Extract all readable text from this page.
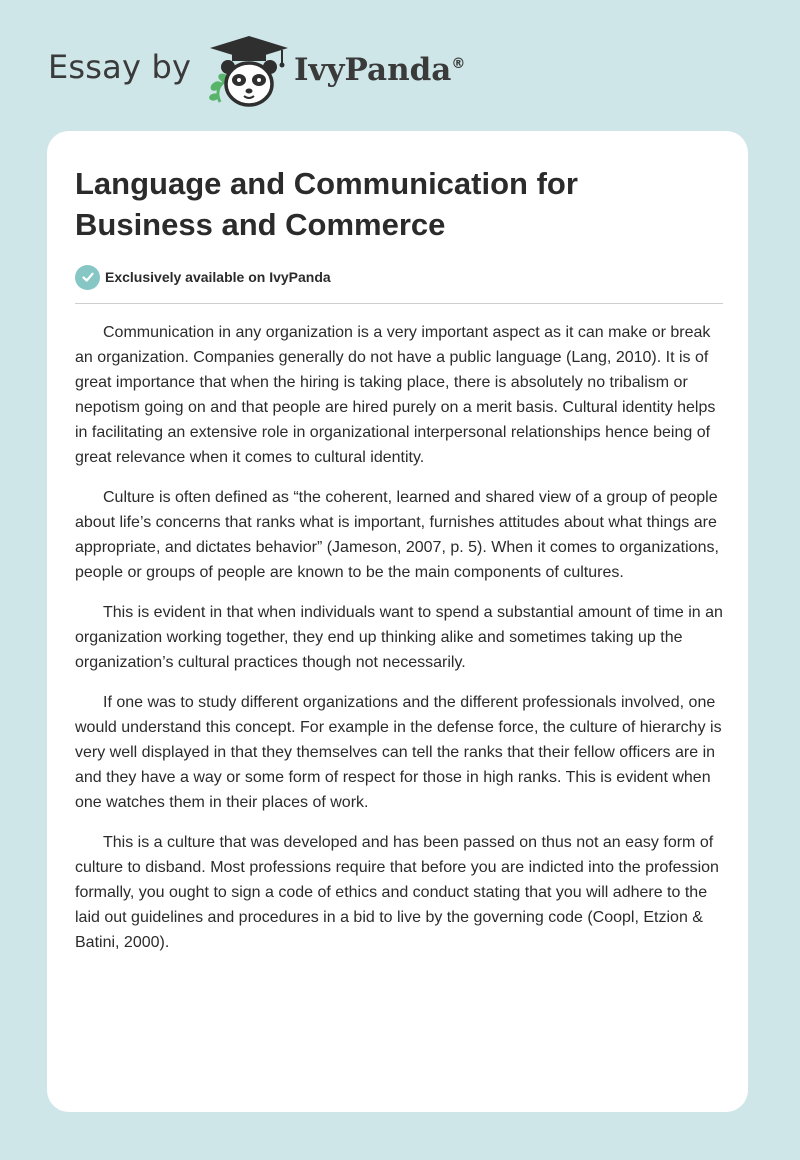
Essay by	IvyPanda®
Language and Communication for Business and Commerce
Exclusively available on IvyPanda

Communication in any organization is a very important aspect as it can make or break an organization. Companies generally do not have a public language (Lang, 2010). It is of great importance that when the hiring is taking place, there is absolutely no tribalism or nepotism going on and that people are hired purely on a merit basis. Cultural identity helps in facilitating an extensive role in organizational interpersonal relationships hence being of great relevance when it comes to cultural identity.

Culture is often defined as “the coherent, learned and shared view of a group of people about life’s concerns that ranks what is important, furnishes attitudes about what things are appropriate, and dictates behavior” (Jameson, 2007, p. 5). When it comes to organizations, people or groups of people are known to be the main components of cultures.

This is evident in that when individuals want to spend a substantial amount of time in an organization working together, they end up thinking alike and sometimes taking up the organization’s cultural practices though not necessarily.

If one was to study different organizations and the different professionals involved, one would understand this concept. For example in the defense force, the culture of hierarchy is very well displayed in that they themselves can tell the ranks that their fellow officers are in and they have a way or some form of respect for those in high ranks. This is evident when one watches them in their places of work.

This is a culture that was developed and has been passed on thus not an easy form of culture to disband. Most professions require that before you are indicted into the profession formally, you ought to sign a code of ethics and conduct stating that you will adhere to the laid out guidelines and procedures in a bid to live by the governing code (Coopl, Etzion & Batini, 2000).
